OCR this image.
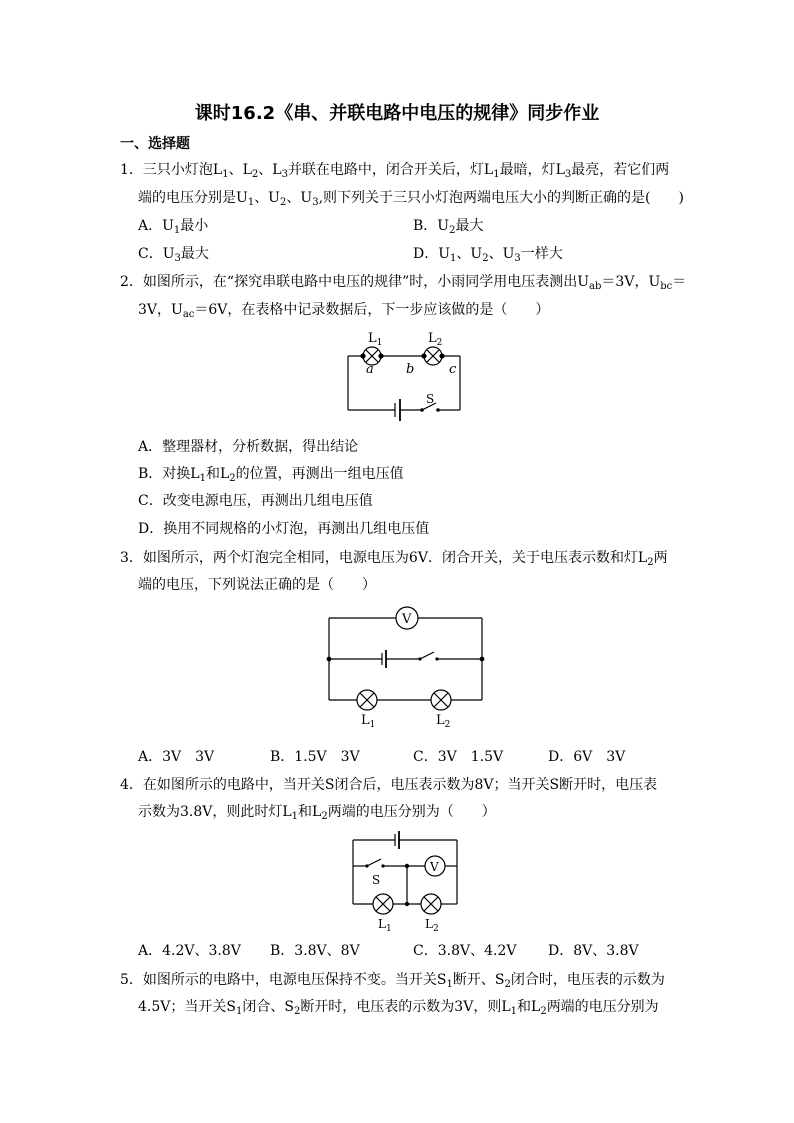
课时16.2《串、并联电路中电压的规律》同步作业
一、选择题
1．三只小灯泡$L_1$、$L_2$、$L_3$并联在电路中，闭合开关后，灯$L_1$最暗，灯$L_3$最亮，若它们两
端的电压分别是$U_1$、$U_2$、$U_3$,则下列关于三只小灯泡两端电压大小的判断正确的是(　　)
A．$U_1$最小	B．$U_2$最大
C．$U_3$最大	D．$U_1$、$U_2$、$U_3$一样大
2．如图所示，在“探究串联电路中电压的规律”时，小雨同学用电压表测出$U_{ab}=3V$，$U_{bc}=$
3V，$U_{ac}=6V$，在表格中记录数据后，下一步应该做的是（　　）
$L_1$	$L_2$
a b	c
S
A．整理器材，分析数据，得出结论
B．对换$L_1$和$L_2$的位置，再测出一组电压值
C．改变电源电压，再测出几组电压值
D．换用不同规格的小灯泡，再测出几组电压值
3．如图所示，两个灯泡完全相同，电源电压为6V．闭合开关，关于电压表示数和灯$L_2$两
端的电压，下列说法正确的是（　　）
V
$L_1$	$L_2$
A．3V　3V	B．1.5V　3V	C．3V　1.5V	D．6V　3V
4．在如图所示的电路中，当开关S闭合后，电压表示数为8V；当开关S断开时，电压表
示数为3.8V，则此时灯$L_1$和$L_2$两端的电压分别为（　　）
V
S
$L_1$	$L_2$
A．4.2V、3.8V B．3.8V、8V	C．3.8V、4.2V D．8V、3.8V
5．如图所示的电路中，电源电压保持不变。当开关$S_1$断开、$S_2$闭合时，电压表的示数为
4.5V；当开关$S_1$闭合、$S_2$断开时，电压表的示数为3V，则$L_1$和$L_2$两端的电压分别为
